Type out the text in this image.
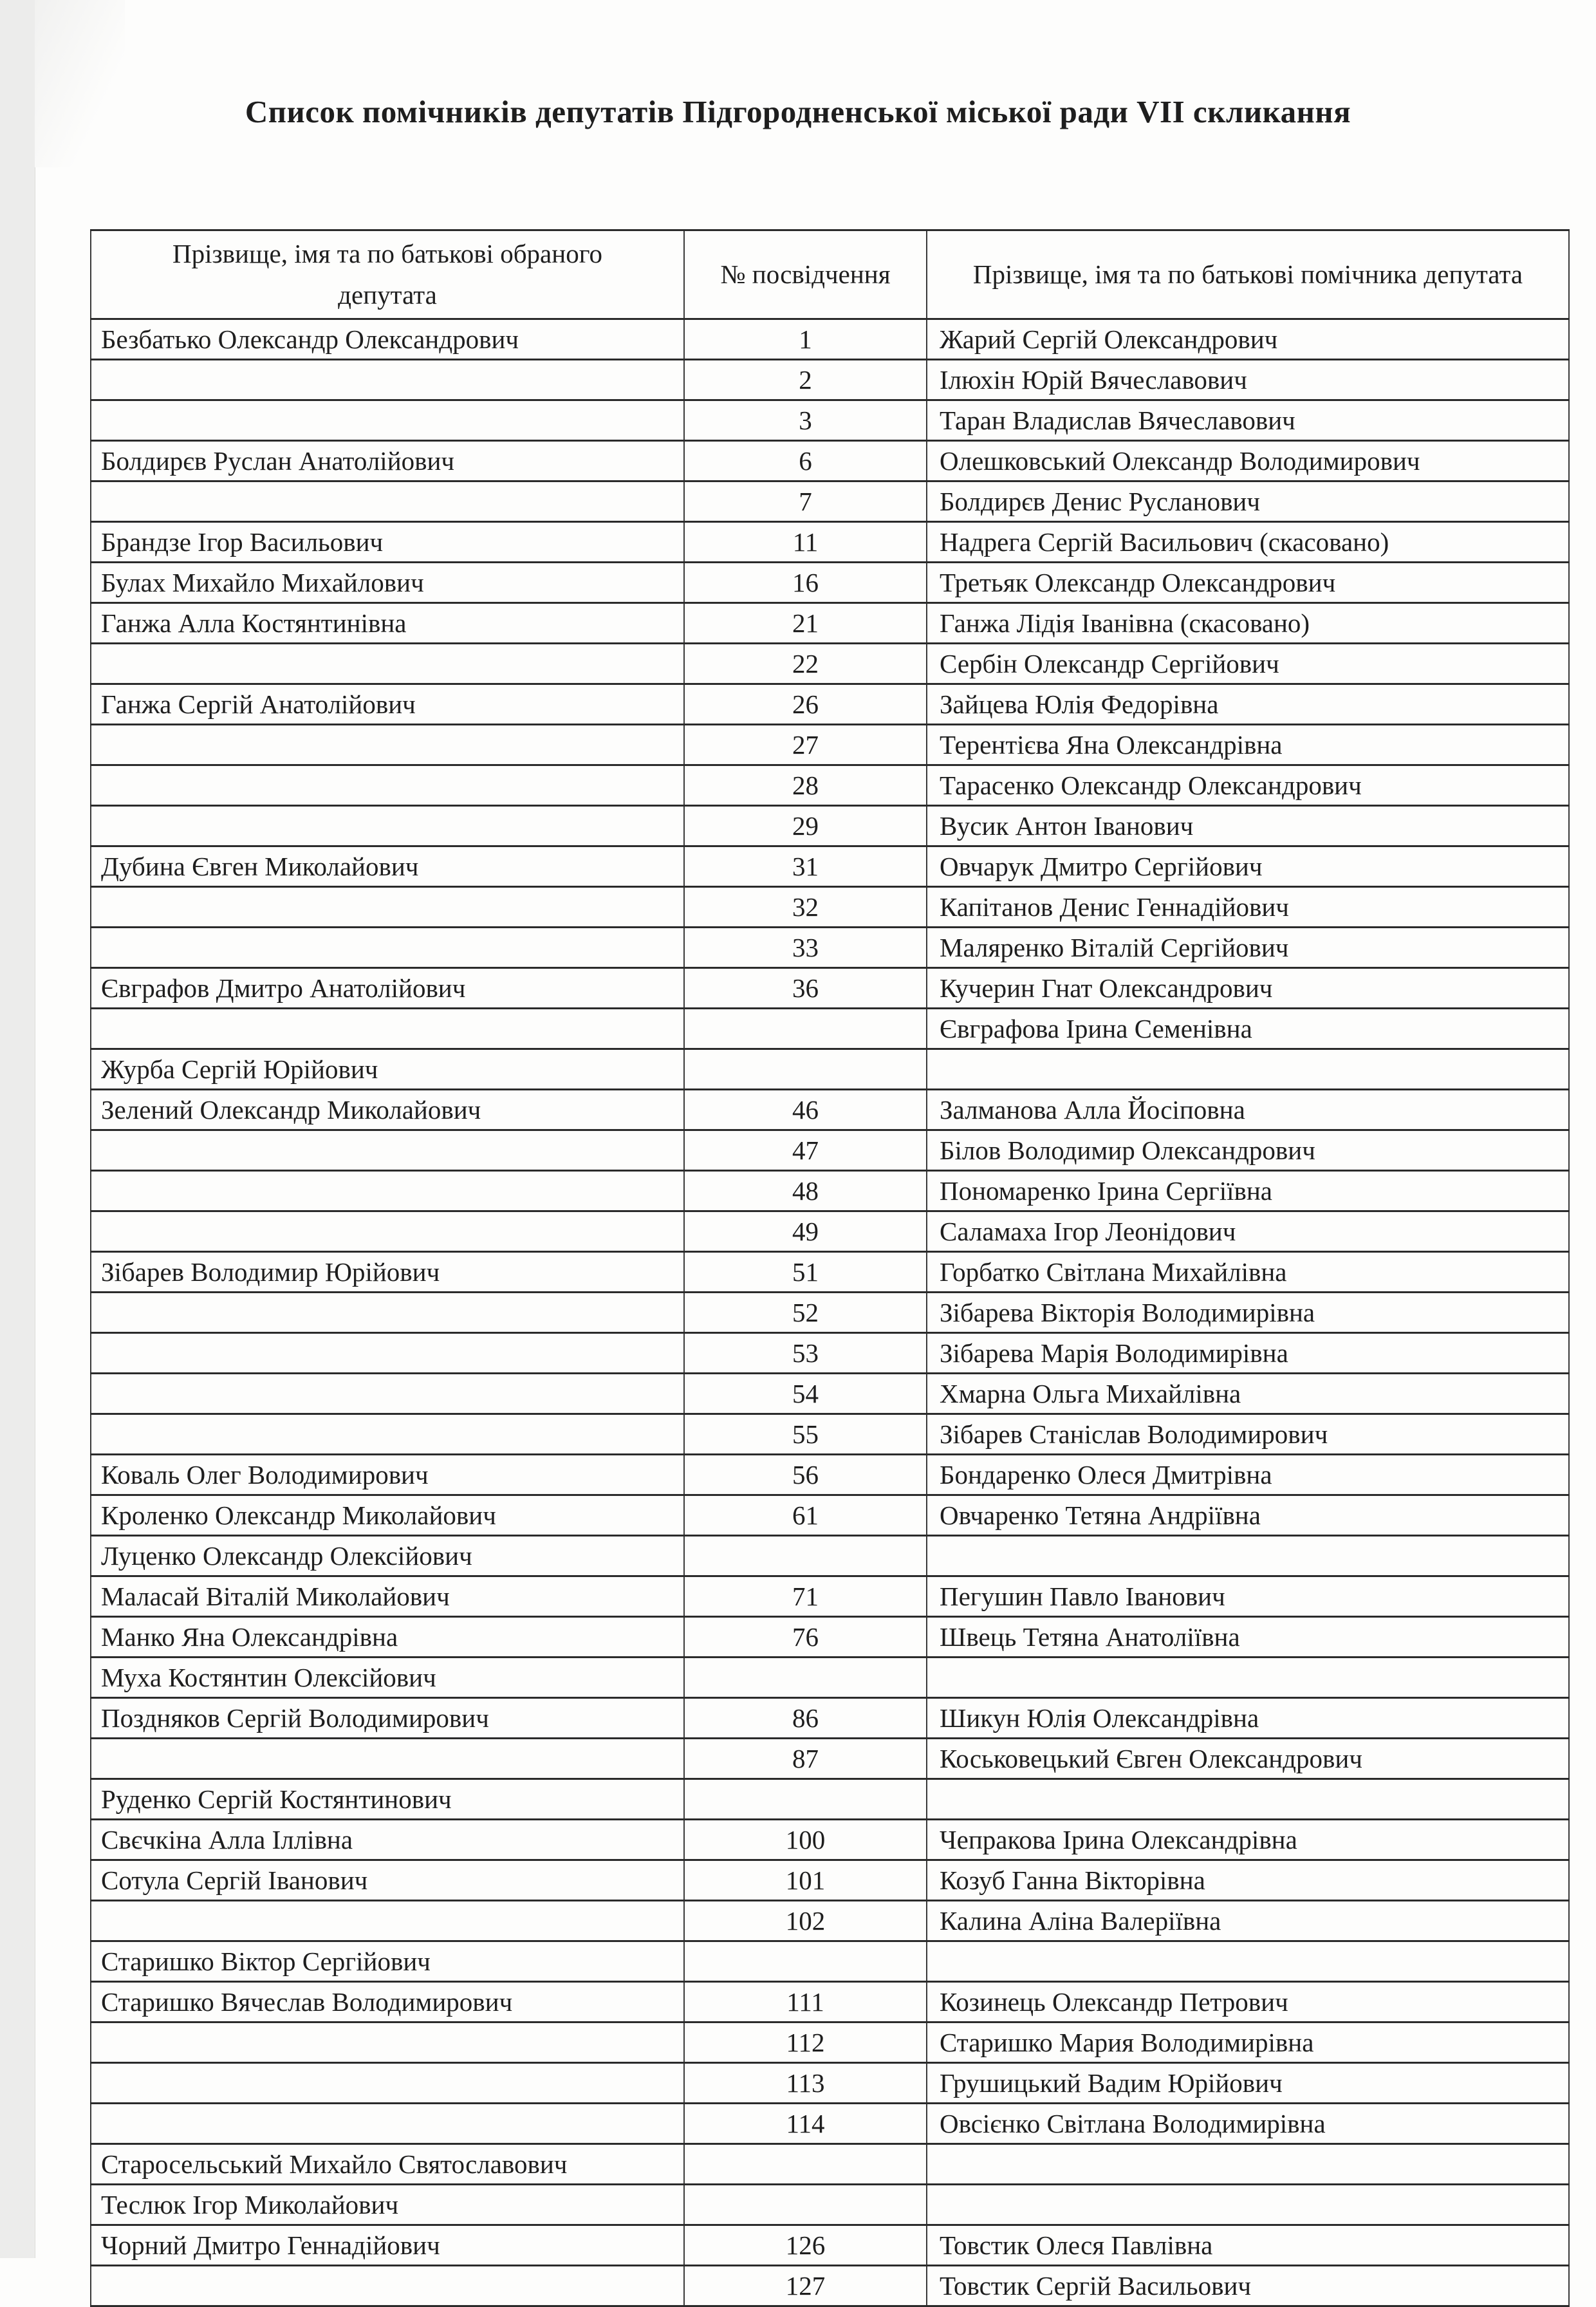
Список помічників депутатів Підгородненської міської ради VII скликання
Прізвище, імя та по батькові обраного депутата	№ посвідчення	Прізвище, імя та по батькові помічника депутата
Безбатько Олександр Олександрович	1	Жарий Сергій Олександрович
	2	Ілюхін Юрій Вячеславович
	3	Таран Владислав Вячеславович
Болдирєв Руслан Анатолійович	6	Олешковський Олександр Володимирович
	7	Болдирєв Денис Русланович
Брандзе Ігор Васильович	11	Надрега Сергій Васильович (скасовано)
Булах Михайло Михайлович	16	Третьяк Олександр Олександрович
Ганжа Алла Костянтинівна	21	Ганжа Лідія Іванівна (скасовано)
	22	Сербін Олександр Сергійович
Ганжа Сергій Анатолійович	26	Зайцева Юлія Федорівна
	27	Терентієва Яна Олександрівна
	28	Тарасенко Олександр Олександрович
	29	Вусик Антон Іванович
Дубина Євген Миколайович	31	Овчарук Дмитро Сергійович
	32	Капітанов Денис Геннадійович
	33	Маляренко Віталій Сергійович
Євграфов Дмитро Анатолійович	36	Кучерин Гнат Олександрович
		Євграфова Ірина Семенівна
Журба Сергій Юрійович		
Зелений Олександр Миколайович	46	Залманова Алла Йосіповна
	47	Білов Володимир Олександрович
	48	Пономаренко Ірина Сергіївна
	49	Саламаха Ігор Леонідович
Зібарев Володимир Юрійович	51	Горбатко Світлана Михайлівна
	52	Зібарева Вікторія Володимирівна
	53	Зібарева Марія Володимирівна
	54	Хмарна Ольга Михайлівна
	55	Зібарев Станіслав Володимирович
Коваль Олег Володимирович	56	Бондаренко Олеся Дмитрівна
Кроленко Олександр Миколайович	61	Овчаренко Тетяна Андріївна
Луценко Олександр Олексійович		
Маласай Віталій Миколайович	71	Пегушин Павло Іванович
Манко Яна Олександрівна	76	Швець Тетяна Анатоліївна
Муха Костянтин Олексійович		
Поздняков Сергій Володимирович	86	Шикун Юлія Олександрівна
	87	Коськовецький Євген Олександрович
Руденко Сергій Костянтинович		
Свєчкіна Алла Іллівна	100	Чепракова Ірина Олександрівна
Сотула Сергій Іванович	101	Козуб Ганна Вікторівна
	102	Калина Аліна Валеріївна
Старишко Віктор Сергійович		
Старишко Вячеслав Володимирович	111	Козинець Олександр Петрович
	112	Старишко Мария Володимирівна
	113	Грушицький Вадим Юрійович
	114	Овсієнко Світлана Володимирівна
Старосельський Михайло Святославович		
Теслюк Ігор Миколайович		
Чорний Дмитро Геннадійович	126	Товстик Олеся Павлівна
	127	Товстик Сергій Васильович
